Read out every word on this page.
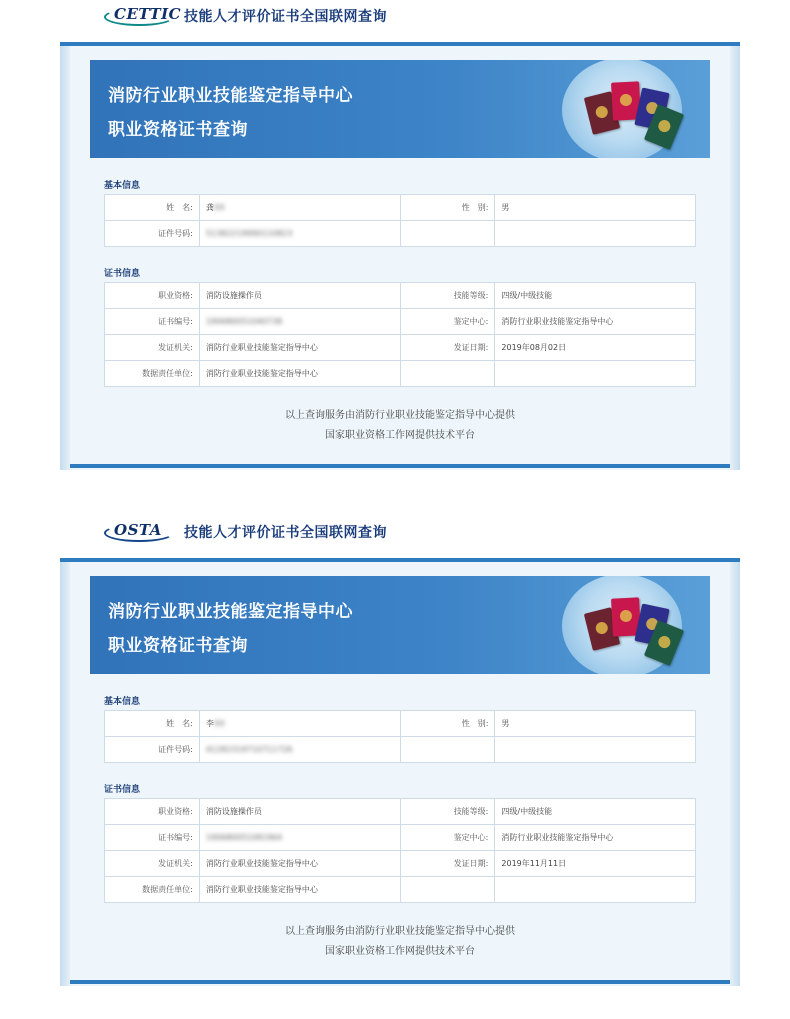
CETTIC 技能人才评价证书全国联网查询
消防行业职业技能鉴定指导中心
职业资格证书查询
基本信息
姓　名:	龚XX	性　别:	男
证件号码:	51382219990110823		
证书信息
职业资格:	消防设施操作员	技能等级:	四级/中级技能
证书编号:	190680051040738	鉴定中心:	消防行业职业技能鉴定指导中心
发证机关:	消防行业职业技能鉴定指导中心	发证日期:	2019年08月02日
数据责任单位:	消防行业职业技能鉴定指导中心		
以上查询服务由消防行业职业技能鉴定指导中心提供
国家职业资格工作网提供技术平台
OSTA 技能人才评价证书全国联网查询
消防行业职业技能鉴定指导中心
职业资格证书查询
基本信息
姓　名:	李XX	性　别:	男
证件号码:	41282319710711726		
证书信息
职业资格:	消防设施操作员	技能等级:	四级/中级技能
证书编号:	190680051081964	鉴定中心:	消防行业职业技能鉴定指导中心
发证机关:	消防行业职业技能鉴定指导中心	发证日期:	2019年11月11日
数据责任单位:	消防行业职业技能鉴定指导中心		
以上查询服务由消防行业职业技能鉴定指导中心提供
国家职业资格工作网提供技术平台
